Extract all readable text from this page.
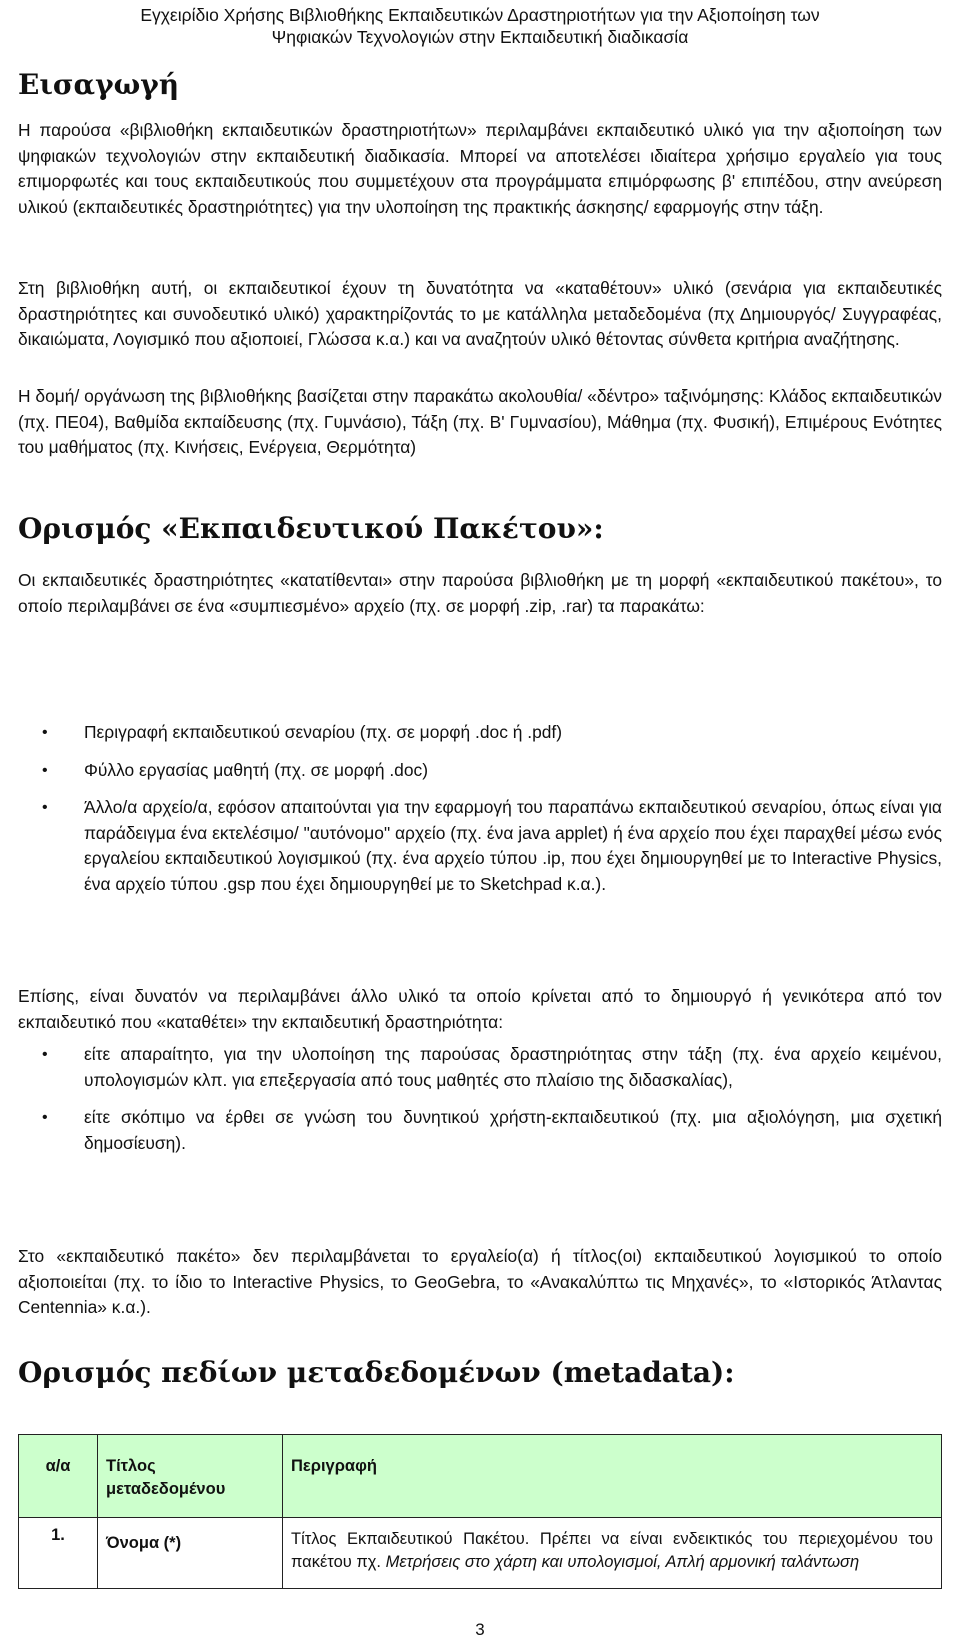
Εγχειρίδιο Χρήσης Βιβλιοθήκης Εκπαιδευτικών Δραστηριοτήτων για την Αξιοποίηση των
Ψηφιακών Τεχνολογιών στην Εκπαιδευτική διαδικασία
Εισαγωγή

Η παρούσα «βιβλιοθήκη εκπαιδευτικών δραστηριοτήτων» περιλαμβάνει εκπαιδευτικό υλικό για την αξιοποίηση των ψηφιακών τεχνολογιών στην εκπαιδευτική διαδικασία. Μπορεί να αποτελέσει ιδιαίτερα χρήσιμο εργαλείο για τους επιμορφωτές και τους εκπαιδευτικούς που συμμετέχουν στα προγράμματα επιμόρφωσης β' επιπέδου, στην ανεύρεση υλικού (εκπαιδευτικές δραστηριότητες) για την υλοποίηση της πρακτικής άσκησης/ εφαρμογής στην τάξη.

Στη βιβλιοθήκη αυτή, οι εκπαιδευτικοί έχουν τη δυνατότητα να «καταθέτουν» υλικό (σενάρια για εκπαιδευτικές δραστηριότητες και συνοδευτικό υλικό) χαρακτηρίζοντάς το με κατάλληλα μεταδεδομένα (πχ Δημιουργός/ Συγγραφέας, δικαιώματα, Λογισμικό που αξιοποιεί, Γλώσσα κ.α.) και να αναζητούν υλικό θέτοντας σύνθετα κριτήρια αναζήτησης.

Η δομή/ οργάνωση της βιβλιοθήκης βασίζεται στην παρακάτω ακολουθία/ «δέντρο» ταξινόμησης: Κλάδος εκπαιδευτικών (πχ. ΠΕ04), Βαθμίδα εκπαίδευσης (πχ. Γυμνάσιο), Τάξη (πχ. Β' Γυμνασίου), Μάθημα (πχ. Φυσική), Επιμέρους Ενότητες του μαθήματος (πχ. Κινήσεις, Ενέργεια, Θερμότητα)

Ορισμός «Εκπαιδευτικού Πακέτου»:

Οι εκπαιδευτικές δραστηριότητες «κατατίθενται» στην παρούσα βιβλιοθήκη με τη μορφή «εκπαιδευτικού πακέτου», το οποίο περιλαμβάνει σε ένα «συμπιεσμένο» αρχείο (πχ. σε μορφή .zip, .rar) τα παρακάτω:

• Περιγραφή εκπαιδευτικού σεναρίου (πχ. σε μορφή .doc ή .pdf)
• Φύλλο εργασίας μαθητή (πχ. σε μορφή .doc)
• Άλλο/α αρχείο/α, εφόσον απαιτούνται για την εφαρμογή του παραπάνω εκπαιδευτικού σεναρίου, όπως είναι για παράδειγμα ένα εκτελέσιμο/ "αυτόνομο" αρχείο (πχ. ένα java applet) ή ένα αρχείο που έχει παραχθεί μέσω ενός εργαλείου εκπαιδευτικού λογισμικού (πχ. ένα αρχείο τύπου .ip, που έχει δημιουργηθεί με το Interactive Physics, ένα αρχείο τύπου .gsp που έχει δημιουργηθεί με το Sketchpad κ.α.).

Επίσης, είναι δυνατόν να περιλαμβάνει άλλο υλικό τα οποίο κρίνεται από το δημιουργό ή γενικότερα από τον εκπαιδευτικό που «καταθέτει» την εκπαιδευτική δραστηριότητα:

• είτε απαραίτητο, για την υλοποίηση της παρούσας δραστηριότητας στην τάξη (πχ. ένα αρχείο κειμένου, υπολογισμών κλπ. για επεξεργασία από τους μαθητές στο πλαίσιο της διδασκαλίας),
• είτε σκόπιμο να έρθει σε γνώση του δυνητικού χρήστη-εκπαιδευτικού (πχ. μια αξιολόγηση, μια σχετική δημοσίευση).

Στο «εκπαιδευτικό πακέτο» δεν περιλαμβάνεται το εργαλείο(α) ή τίτλος(οι) εκπαιδευτικού λογισμικού το οποίο αξιοποιείται (πχ. το ίδιο το Interactive Physics, το GeoGebra, το «Ανακαλύπτω τις Μηχανές», το «Ιστορικός Άτλαντας Centennia» κ.α.).

Ορισμός πεδίων μεταδεδομένων (metadata):
α/α	Τίτλος μεταδεδομένου	Περιγραφή
1.	Όνομα (*)	Τίτλος Εκπαιδευτικού Πακέτου. Πρέπει να είναι ενδεικτικός του περιεχομένου του πακέτου πχ. Μετρήσεις στο χάρτη και υπολογισμοί, Απλή αρμονική ταλάντωση
3
